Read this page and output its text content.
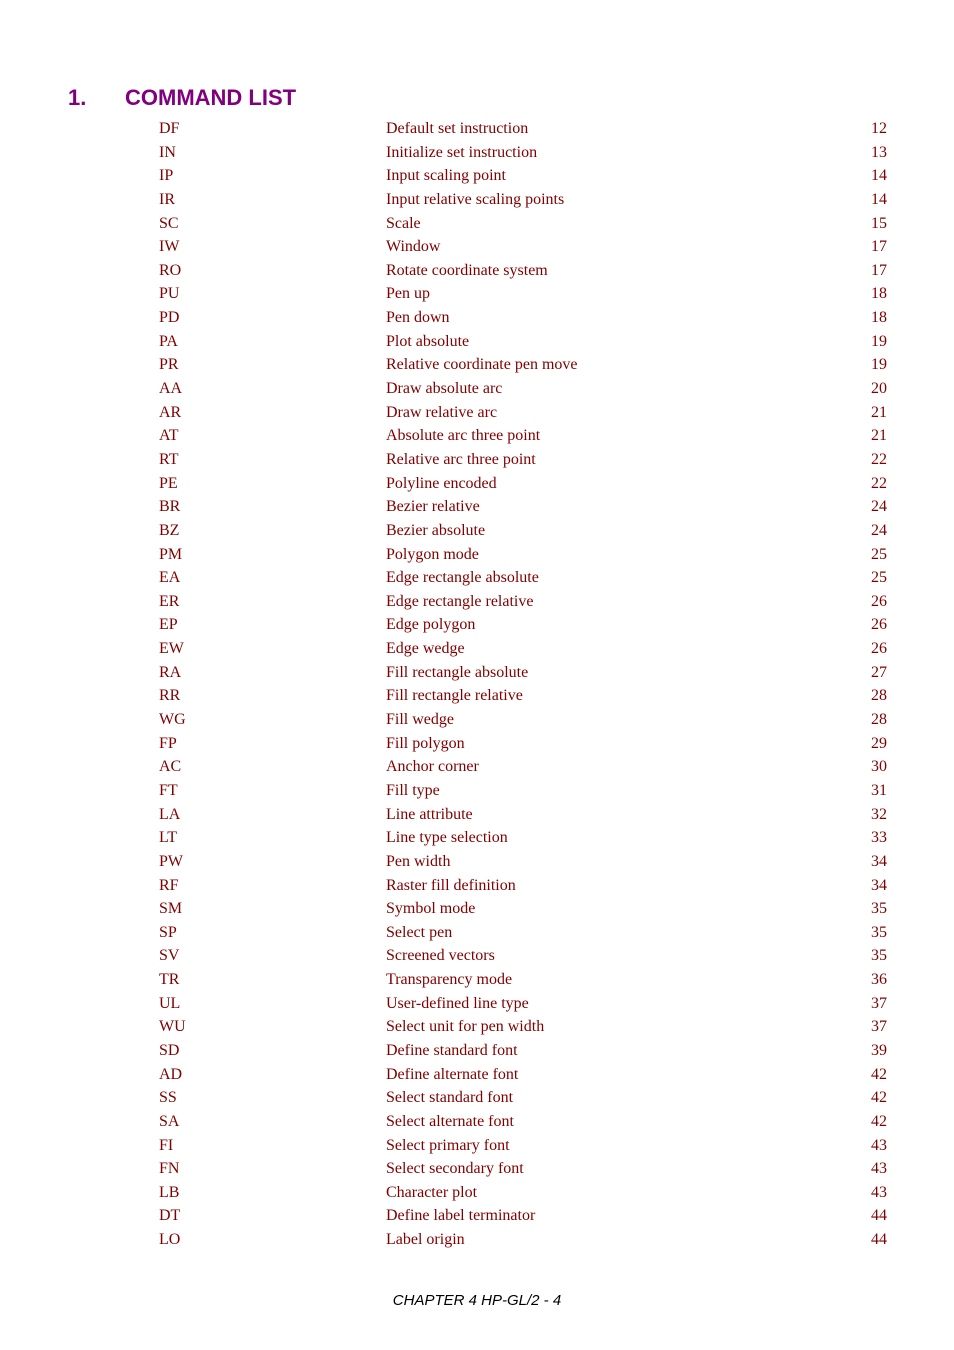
1. COMMAND LIST
DF	Default set instruction	12
IN	Initialize set instruction	13
IP	Input scaling point	14
IR	Input relative scaling points	14
SC	Scale	15
IW	Window	17
RO	Rotate coordinate system	17
PU	Pen up	18
PD	Pen down	18
PA	Plot absolute	19
PR	Relative coordinate pen move	19
AA	Draw absolute arc	20
AR	Draw relative arc	21
AT	Absolute arc three point	21
RT	Relative arc three point	22
PE	Polyline encoded	22
BR	Bezier relative	24
BZ	Bezier absolute	24
PM	Polygon mode	25
EA	Edge rectangle absolute	25
ER	Edge rectangle relative	26
EP	Edge polygon	26
EW	Edge wedge	26
RA	Fill rectangle absolute	27
RR	Fill rectangle relative	28
WG	Fill wedge	28
FP	Fill polygon	29
AC	Anchor corner	30
FT	Fill type	31
LA	Line attribute	32
LT	Line type selection	33
PW	Pen width	34
RF	Raster fill definition	34
SM	Symbol mode	35
SP	Select pen	35
SV	Screened vectors	35
TR	Transparency mode	36
UL	User-defined line type	37
WU	Select unit for pen width	37
SD	Define standard font	39
AD	Define alternate font	42
SS	Select standard font	42
SA	Select alternate font	42
FI	Select primary font	43
FN	Select secondary font	43
LB	Character plot	43
DT	Define label terminator	44
LO	Label origin	44
CHAPTER 4 HP-GL/2 - 4
